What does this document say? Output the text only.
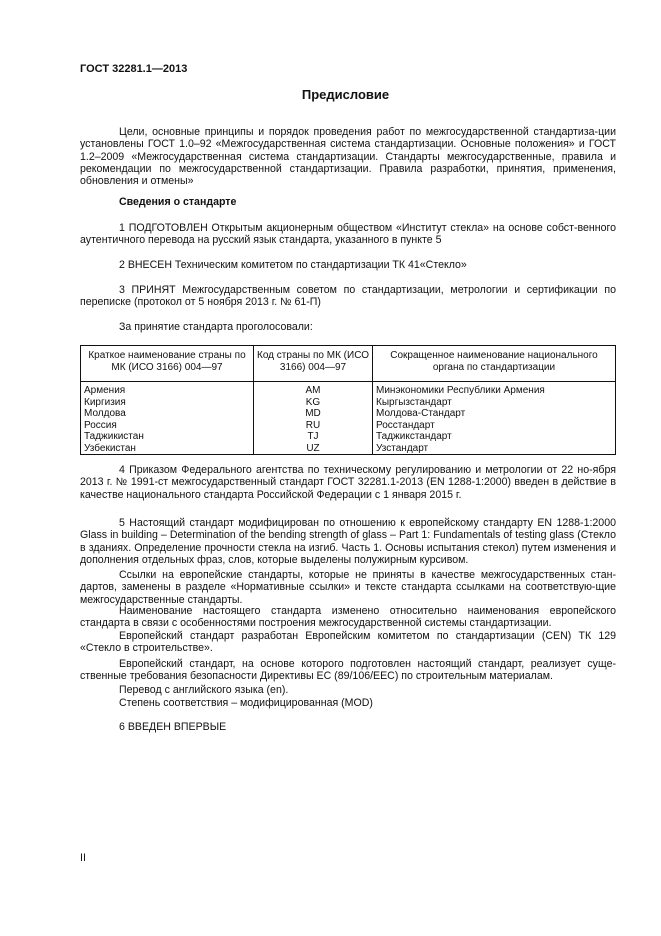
ГОСТ 32281.1—2013
Предисловие

Цели, основные принципы и порядок проведения работ по межгосударственной стандартиза-ции установлены ГОСТ 1.0–92 «Межгосударственная система стандартизации. Основные положения» и ГОСТ 1.2–2009 «Межгосударственная система стандартизации. Стандарты межгосударственные, правила и рекомендации по межгосударственной стандартизации. Правила разработки, принятия, применения, обновления и отмены»

Сведения о стандарте

1 ПОДГОТОВЛЕН Открытым акционерным обществом «Институт стекла» на основе собст-венного аутентичного перевода на русский язык стандарта, указанного в пункте 5

2 ВНЕСЕН Техническим комитетом по стандартизации ТК 41«Стекло»

3 ПРИНЯТ Межгосударственным советом по стандартизации, метрологии и сертификации по переписке (протокол от 5 ноября 2013 г. № 61-П)

За принятие стандарта проголосовали:

Краткое наименование страны по МК (ИСО 3166) 004—97	Код страны по МК (ИСО 3166) 004—97	Сокращенное наименование национального органа по стандартизации
Армения	AM	Минэкономики Республики Армения
Киргизия	KG	Кыргызстандарт
Молдова	MD	Молдова-Стандарт
Россия	RU	Росстандарт
Таджикистан	TJ	Таджикстандарт
Узбекистан	UZ	Узстандарт

4 Приказом Федерального агентства по техническому регулированию и метрологии от 22 но-ября 2013 г. № 1991-ст межгосударственный стандарт ГОСТ 32281.1-2013 (EN 1288-1:2000) введен в действие в качестве национального стандарта Российской Федерации с 1 января 2015 г.

5 Настоящий стандарт модифицирован по отношению к европейскому стандарту EN 1288-1:2000 Glass in building – Determination of the bending strength of glass – Part 1: Fundamentals of testing glass (Стекло в зданиях. Определение прочности стекла на изгиб. Часть 1. Основы испытания стекол) путем изменения и дополнения отдельных фраз, слов, которые выделены полужирным курсивом.

Ссылки на европейские стандарты, которые не приняты в качестве межгосударственных стан-дартов, заменены в разделе «Нормативные ссылки» и тексте стандарта ссылками на соответствую-щие межгосударственные стандарты.

Наименование настоящего стандарта изменено относительно наименования европейского стандарта в связи с особенностями построения межгосударственной системы стандартизации.

Европейский стандарт разработан Европейским комитетом по стандартизации (CEN) ТК 129 «Стекло в строительстве».

Европейский стандарт, на основе которого подготовлен настоящий стандарт, реализует суще-ственные требования безопасности Директивы ЕС (89/106/EEC) по строительным материалам.

Перевод с английского языка (en).

Степень соответствия – модифицированная (MOD)

6 ВВЕДЕН ВПЕРВЫЕ

II
